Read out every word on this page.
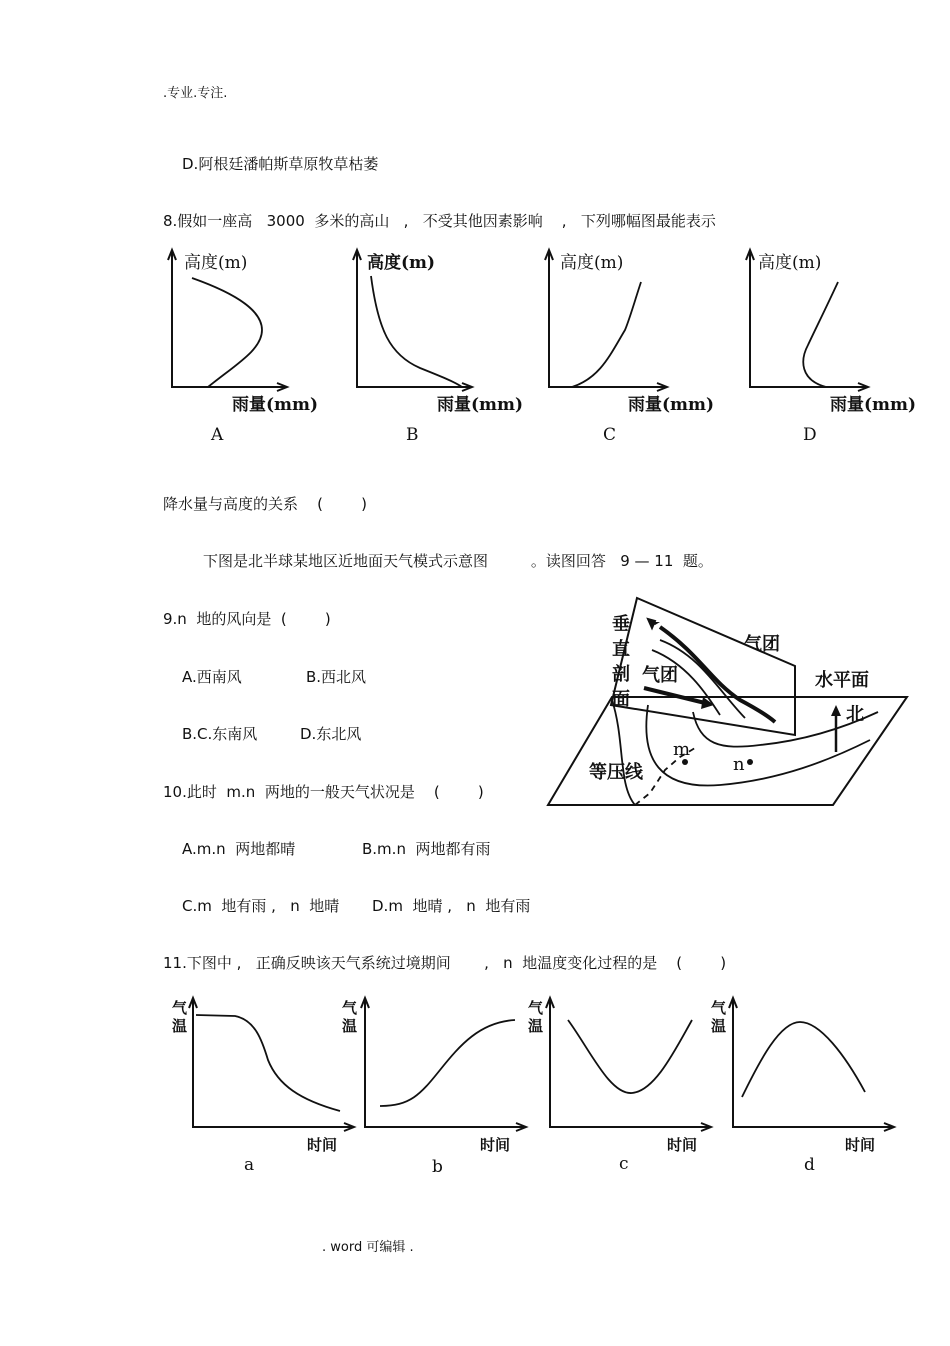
.专业.专注.
D.阿根廷潘帕斯草原牧草枯萎
8.假如一座高   3000  多米的高山   ,   不受其他因素影响    ,   下列哪幅图最能表示
高度(m)
雨量(mm)
A
高度(m)
雨量(mm)
B
高度(m)
雨量(mm)
C
高度(m)
雨量(mm)
D
降水量与高度的关系    (        )
下图是北半球某地区近地面天气模式示意图         。读图回答   9 — 11  题。
9.n  地的风向是  (        )
A.西南风	B.西北风
B.C.东南风	D.东北风
10.此时  m.n  两地的一般天气状况是    (        )
A.m.n  两地都晴	B.m.n  两地都有雨
C.m  地有雨 ,   n  地晴 D.m  地晴 ,   n  地有雨
垂
直
剖
面
气团
气团	水平面
北
等压线
m
n
11.下图中 ,   正确反映该天气系统过境期间       ,   n  地温度变化过程的是    (        )
气
温
时间
a
气
温
时间
b
气
温
时间
c
气
温
时间
d
. word 可编辑 .
